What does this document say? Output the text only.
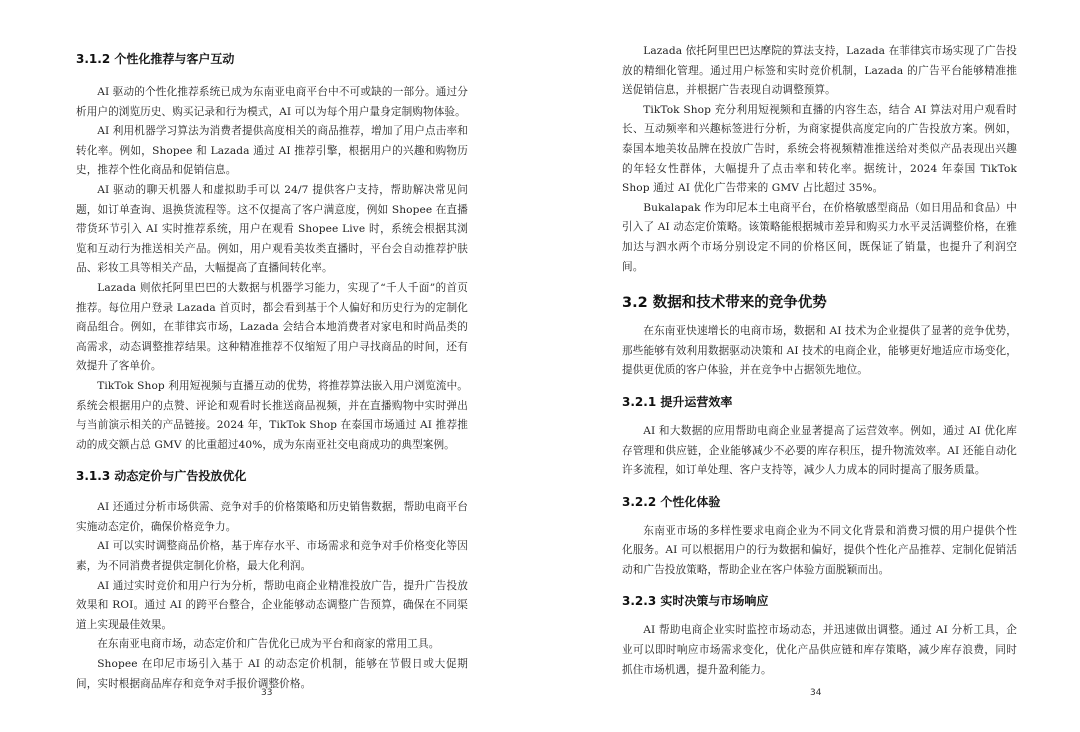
3.1.2 个性化推荐与客户互动

AI 驱动的个性化推荐系统已成为东南亚电商平台中不可或缺的一部分。通过分析用户的浏览历史、购买记录和行为模式，AI 可以为每个用户量身定制购物体验。

AI 利用机器学习算法为消费者提供高度相关的商品推荐，增加了用户点击率和转化率。例如，Shopee 和 Lazada 通过 AI 推荐引擎，根据用户的兴趣和购物历史，推荐个性化商品和促销信息。

AI 驱动的聊天机器人和虚拟助手可以 24/7 提供客户支持，帮助解决常见问题，如订单查询、退换货流程等。这不仅提高了客户满意度，例如 Shopee 在直播带货环节引入 AI 实时推荐系统，用户在观看 Shopee Live 时，系统会根据其浏览和互动行为推送相关产品。例如，用户观看美妆类直播时，平台会自动推荐护肤品、彩妆工具等相关产品，大幅提高了直播间转化率。

Lazada 则依托阿里巴巴的大数据与机器学习能力，实现了“千人千面”的首页推荐。每位用户登录 Lazada 首页时，都会看到基于个人偏好和历史行为的定制化商品组合。例如，在菲律宾市场，Lazada 会结合本地消费者对家电和时尚品类的高需求，动态调整推荐结果。这种精准推荐不仅缩短了用户寻找商品的时间，还有效提升了客单价。

TikTok Shop 利用短视频与直播互动的优势，将推荐算法嵌入用户浏览流中。系统会根据用户的点赞、评论和观看时长推送商品视频，并在直播购物中实时弹出与当前演示相关的产品链接。2024 年，TikTok Shop 在泰国市场通过 AI 推荐推动的成交额占总 GMV 的比重超过40%，成为东南亚社交电商成功的典型案例。

3.1.3 动态定价与广告投放优化

AI 还通过分析市场供需、竞争对手的价格策略和历史销售数据，帮助电商平台实施动态定价，确保价格竞争力。

AI 可以实时调整商品价格，基于库存水平、市场需求和竞争对手价格变化等因素，为不同消费者提供定制化价格，最大化利润。

AI 通过实时竞价和用户行为分析，帮助电商企业精准投放广告，提升广告投放效果和 ROI。通过 AI 的跨平台整合，企业能够动态调整广告预算，确保在不同渠道上实现最佳效果。

在东南亚电商市场，动态定价和广告优化已成为平台和商家的常用工具。

Shopee 在印尼市场引入基于 AI 的动态定价机制，能够在节假日或大促期间，实时根据商品库存和竞争对手报价调整价格。

33

Lazada 依托阿里巴巴达摩院的算法支持，Lazada 在菲律宾市场实现了广告投放的精细化管理。通过用户标签和实时竞价机制，Lazada 的广告平台能够精准推送促销信息，并根据广告表现自动调整预算。

TikTok Shop 充分利用短视频和直播的内容生态，结合 AI 算法对用户观看时长、互动频率和兴趣标签进行分析，为商家提供高度定向的广告投放方案。例如，泰国本地美妆品牌在投放广告时，系统会将视频精准推送给对类似产品表现出兴趣的年轻女性群体，大幅提升了点击率和转化率。据统计，2024 年泰国 TikTok Shop 通过 AI 优化广告带来的 GMV 占比超过 35%。

Bukalapak 作为印尼本土电商平台，在价格敏感型商品（如日用品和食品）中引入了 AI 动态定价策略。该策略能根据城市差异和购买力水平灵活调整价格，在雅加达与泗水两个市场分别设定不同的价格区间，既保证了销量，也提升了利润空间。

3.2 数据和技术带来的竞争优势

在东南亚快速增长的电商市场，数据和 AI 技术为企业提供了显著的竞争优势，那些能够有效利用数据驱动决策和 AI 技术的电商企业，能够更好地适应市场变化，提供更优质的客户体验，并在竞争中占据领先地位。

3.2.1 提升运营效率

AI 和大数据的应用帮助电商企业显著提高了运营效率。例如，通过 AI 优化库存管理和供应链，企业能够减少不必要的库存积压，提升物流效率。AI 还能自动化许多流程，如订单处理、客户支持等，减少人力成本的同时提高了服务质量。

3.2.2 个性化体验

东南亚市场的多样性要求电商企业为不同文化背景和消费习惯的用户提供个性化服务。AI 可以根据用户的行为数据和偏好，提供个性化产品推荐、定制化促销活动和广告投放策略，帮助企业在客户体验方面脱颖而出。

3.2.3 实时决策与市场响应

AI 帮助电商企业实时监控市场动态，并迅速做出调整。通过 AI 分析工具，企业可以即时响应市场需求变化，优化产品供应链和库存策略，减少库存浪费，同时抓住市场机遇，提升盈利能力。

34
